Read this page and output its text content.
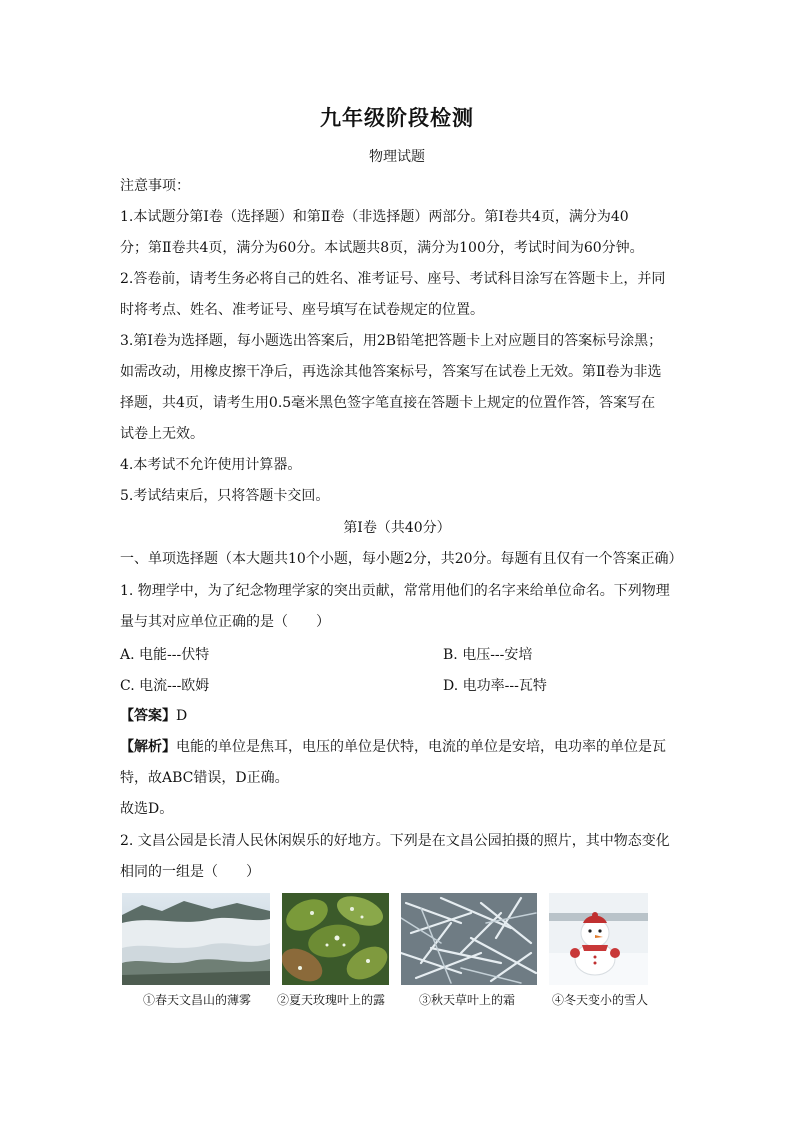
九年级阶段检测
物理试题
注意事项：
1.本试题分第Ⅰ卷（选择题）和第Ⅱ卷（非选择题）两部分。第Ⅰ卷共4页，满分为40
分；第Ⅱ卷共4页，满分为60分。本试题共8页，满分为100分，考试时间为60分钟。
2.答卷前，请考生务必将自己的姓名、准考证号、座号、考试科目涂写在答题卡上，并同
时将考点、姓名、准考证号、座号填写在试卷规定的位置。
3.第Ⅰ卷为选择题，每小题选出答案后，用2B铅笔把答题卡上对应题目的答案标号涂黑；
如需改动，用橡皮擦干净后，再选涂其他答案标号，答案写在试卷上无效。第Ⅱ卷为非选
择题，共4页，请考生用0.5毫米黑色签字笔直接在答题卡上规定的位置作答，答案写在
试卷上无效。
4.本考试不允许使用计算器。
5.考试结束后，只将答题卡交回。
第Ⅰ卷（共40分）
一、单项选择题（本大题共10个小题，每小题2分，共20分。每题有且仅有一个答案正确）
1. 物理学中，为了纪念物理学家的突出贡献，常常用他们的名字来给单位命名。下列物理
量与其对应单位正确的是（　　）
A. 电能---伏特	B. 电压---安培
C. 电流---欧姆	D. 电功率---瓦特
【答案】D
【解析】电能的单位是焦耳，电压的单位是伏特，电流的单位是安培，电功率的单位是瓦
特，故ABC错误，D正确。
故选D。
2. 文昌公园是长清人民休闲娱乐的好地方。下列是在文昌公园拍摄的照片，其中物态变化
相同的一组是（　　）
①春天文昌山的薄雾	②夏天玫瑰叶上的露	③秋天草叶上的霜	④冬天变小的雪人
